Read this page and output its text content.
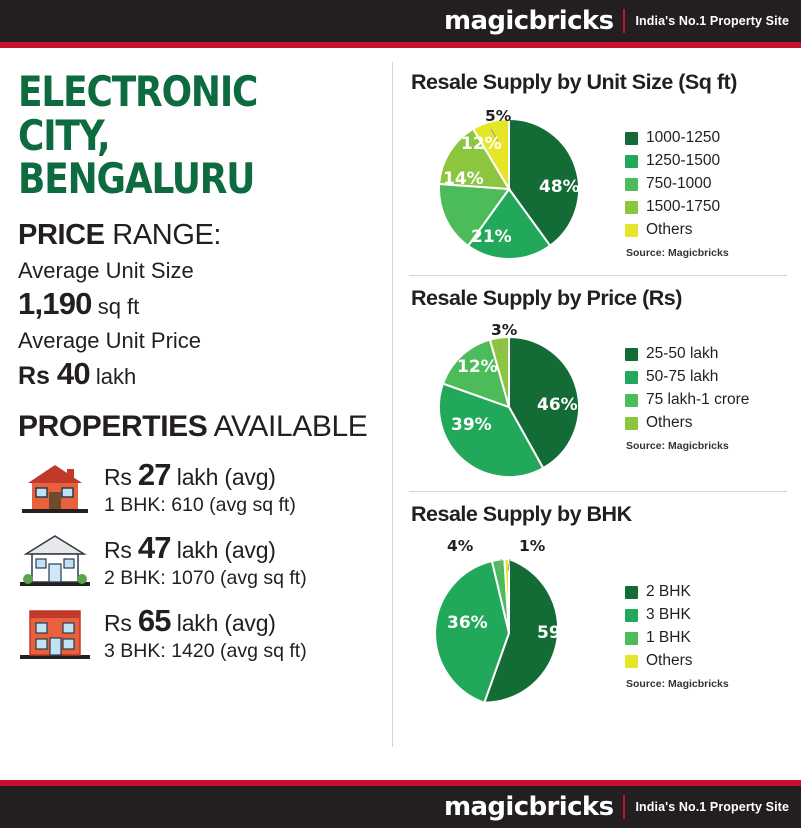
magicbricks India's No.1 Property Site
ELECTRONIC CITY,
BENGALURU
PRICE RANGE:
Average Unit Size
1,190 sq ft
Average Unit Price
Rs 40 lakh
PROPERTIES AVAILABLE
Rs 27 lakh (avg)
1 BHK: 610 (avg sq ft)
Rs 47 lakh (avg)
2 BHK: 1070 (avg sq ft)
Rs 65 lakh (avg)
3 BHK: 1420 (avg sq ft)
Resale Supply by Unit Size (Sq ft)
48%
21%
14%
12%
5%
1000-1250
1250-1500
750-1000
1500-1750
Others
Source: Magicbricks
Resale Supply by Price (Rs)
46%
39%
12%
3%
25-50 lakh
50-75 lakh
75 lakh-1 crore
Others
Source: Magicbricks
Resale Supply by BHK
59%
36%
4%	1%
2 BHK
3 BHK
1 BHK
Others
Source: Magicbricks
magicbricks India's No.1 Property Site
